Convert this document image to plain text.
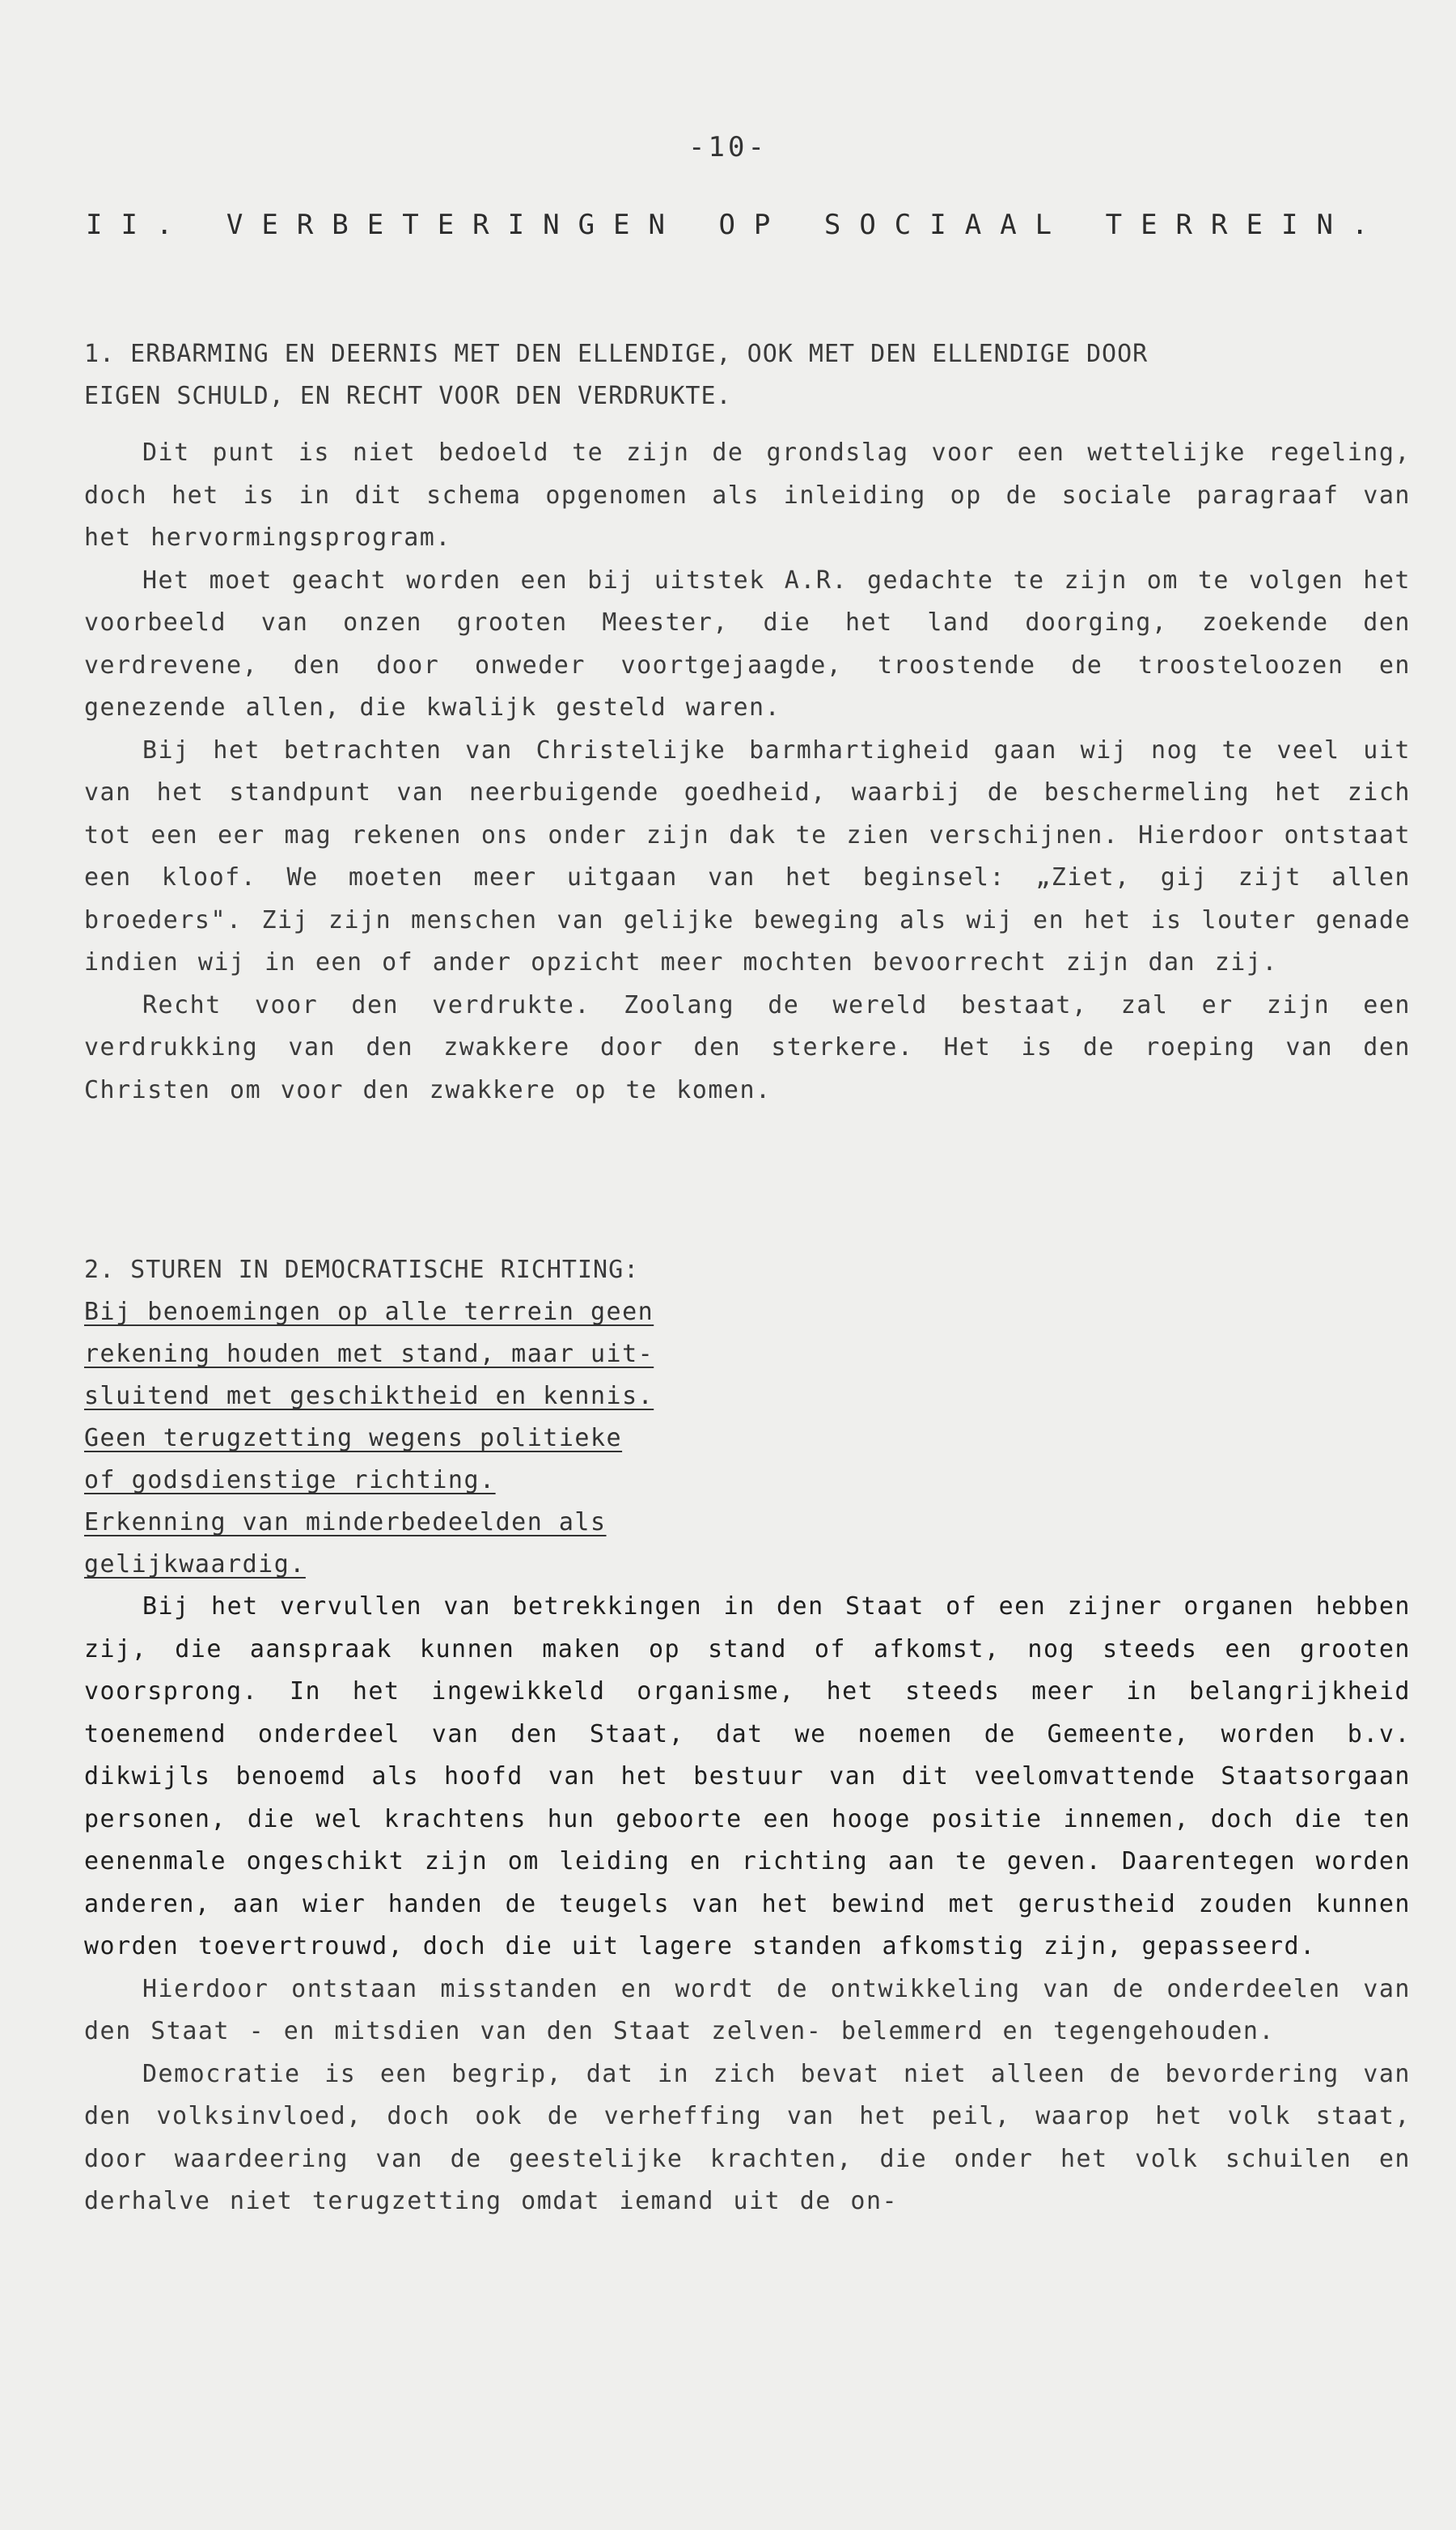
-10-
II. VERBETERINGEN OP SOCIAAL TERREIN.

1. ERBARMING EN DEERNIS MET DEN ELLENDIGE, OOK MET DEN ELLENDIGE DOOR
EIGEN SCHULD, EN RECHT VOOR DEN VERDRUKTE.

Dit punt is niet bedoeld te zijn de grondslag voor een wettelijke regeling, doch het is in dit schema opgenomen als inleiding op de sociale paragraaf van het hervormingsprogram.

Het moet geacht worden een bij uitstek A.R. gedachte te zijn om te volgen het voorbeeld van onzen grooten Meester, die het land doorging, zoekende den verdrevene, den door onweder voortgejaagde, troostende de troosteloozen en genezende allen, die kwalijk gesteld waren.

Bij het betrachten van Christelijke barmhartigheid gaan wij nog te veel uit van het standpunt van neerbuigende goedheid, waarbij de beschermeling het zich tot een eer mag rekenen ons onder zijn dak te zien verschijnen. Hierdoor ontstaat een kloof. We moeten meer uitgaan van het beginsel: „Ziet, gij zijt allen broeders". Zij zijn menschen van gelijke beweging als wij en het is louter genade indien wij in een of ander opzicht meer mochten bevoorrecht zijn dan zij.

Recht voor den verdrukte. Zoolang de wereld bestaat, zal er zijn een verdrukking van den zwakkere door den sterkere. Het is de roeping van den Christen om voor den zwakkere op te komen.

2. STUREN IN DEMOCRATISCHE RICHTING:

Bij benoemingen op alle terrein geen
rekening houden met stand, maar uit-
sluitend met geschiktheid en kennis.
Geen terugzetting wegens politieke
of godsdienstige richting.
Erkenning van minderbedeelden als
gelijkwaardig.

Bij het vervullen van betrekkingen in den Staat of een zijner organen hebben zij, die aanspraak kunnen maken op stand of afkomst, nog steeds een grooten voorsprong. In het ingewikkeld organisme, het steeds meer in belangrijkheid toenemend onderdeel van den Staat, dat we noemen de Gemeente, worden b.v. dikwijls benoemd als hoofd van het bestuur van dit veelomvattende Staatsorgaan personen, die wel krachtens hun geboorte een hooge positie innemen, doch die ten eenenmale ongeschikt zijn om leiding en richting aan te geven. Daarentegen worden anderen, aan wier handen de teugels van het bewind met gerustheid zouden kunnen worden toevertrouwd, doch die uit lagere standen afkomstig zijn, gepasseerd.

Hierdoor ontstaan misstanden en wordt de ontwikkeling van de onderdeelen van den Staat - en mitsdien van den Staat zelven- belemmerd en tegengehouden.

Democratie is een begrip, dat in zich bevat niet alleen de bevordering van den volksinvloed, doch ook de verheffing van het peil, waarop het volk staat, door waardeering van de geestelijke krachten, die onder het volk schuilen en derhalve niet terugzetting omdat iemand uit de on-
